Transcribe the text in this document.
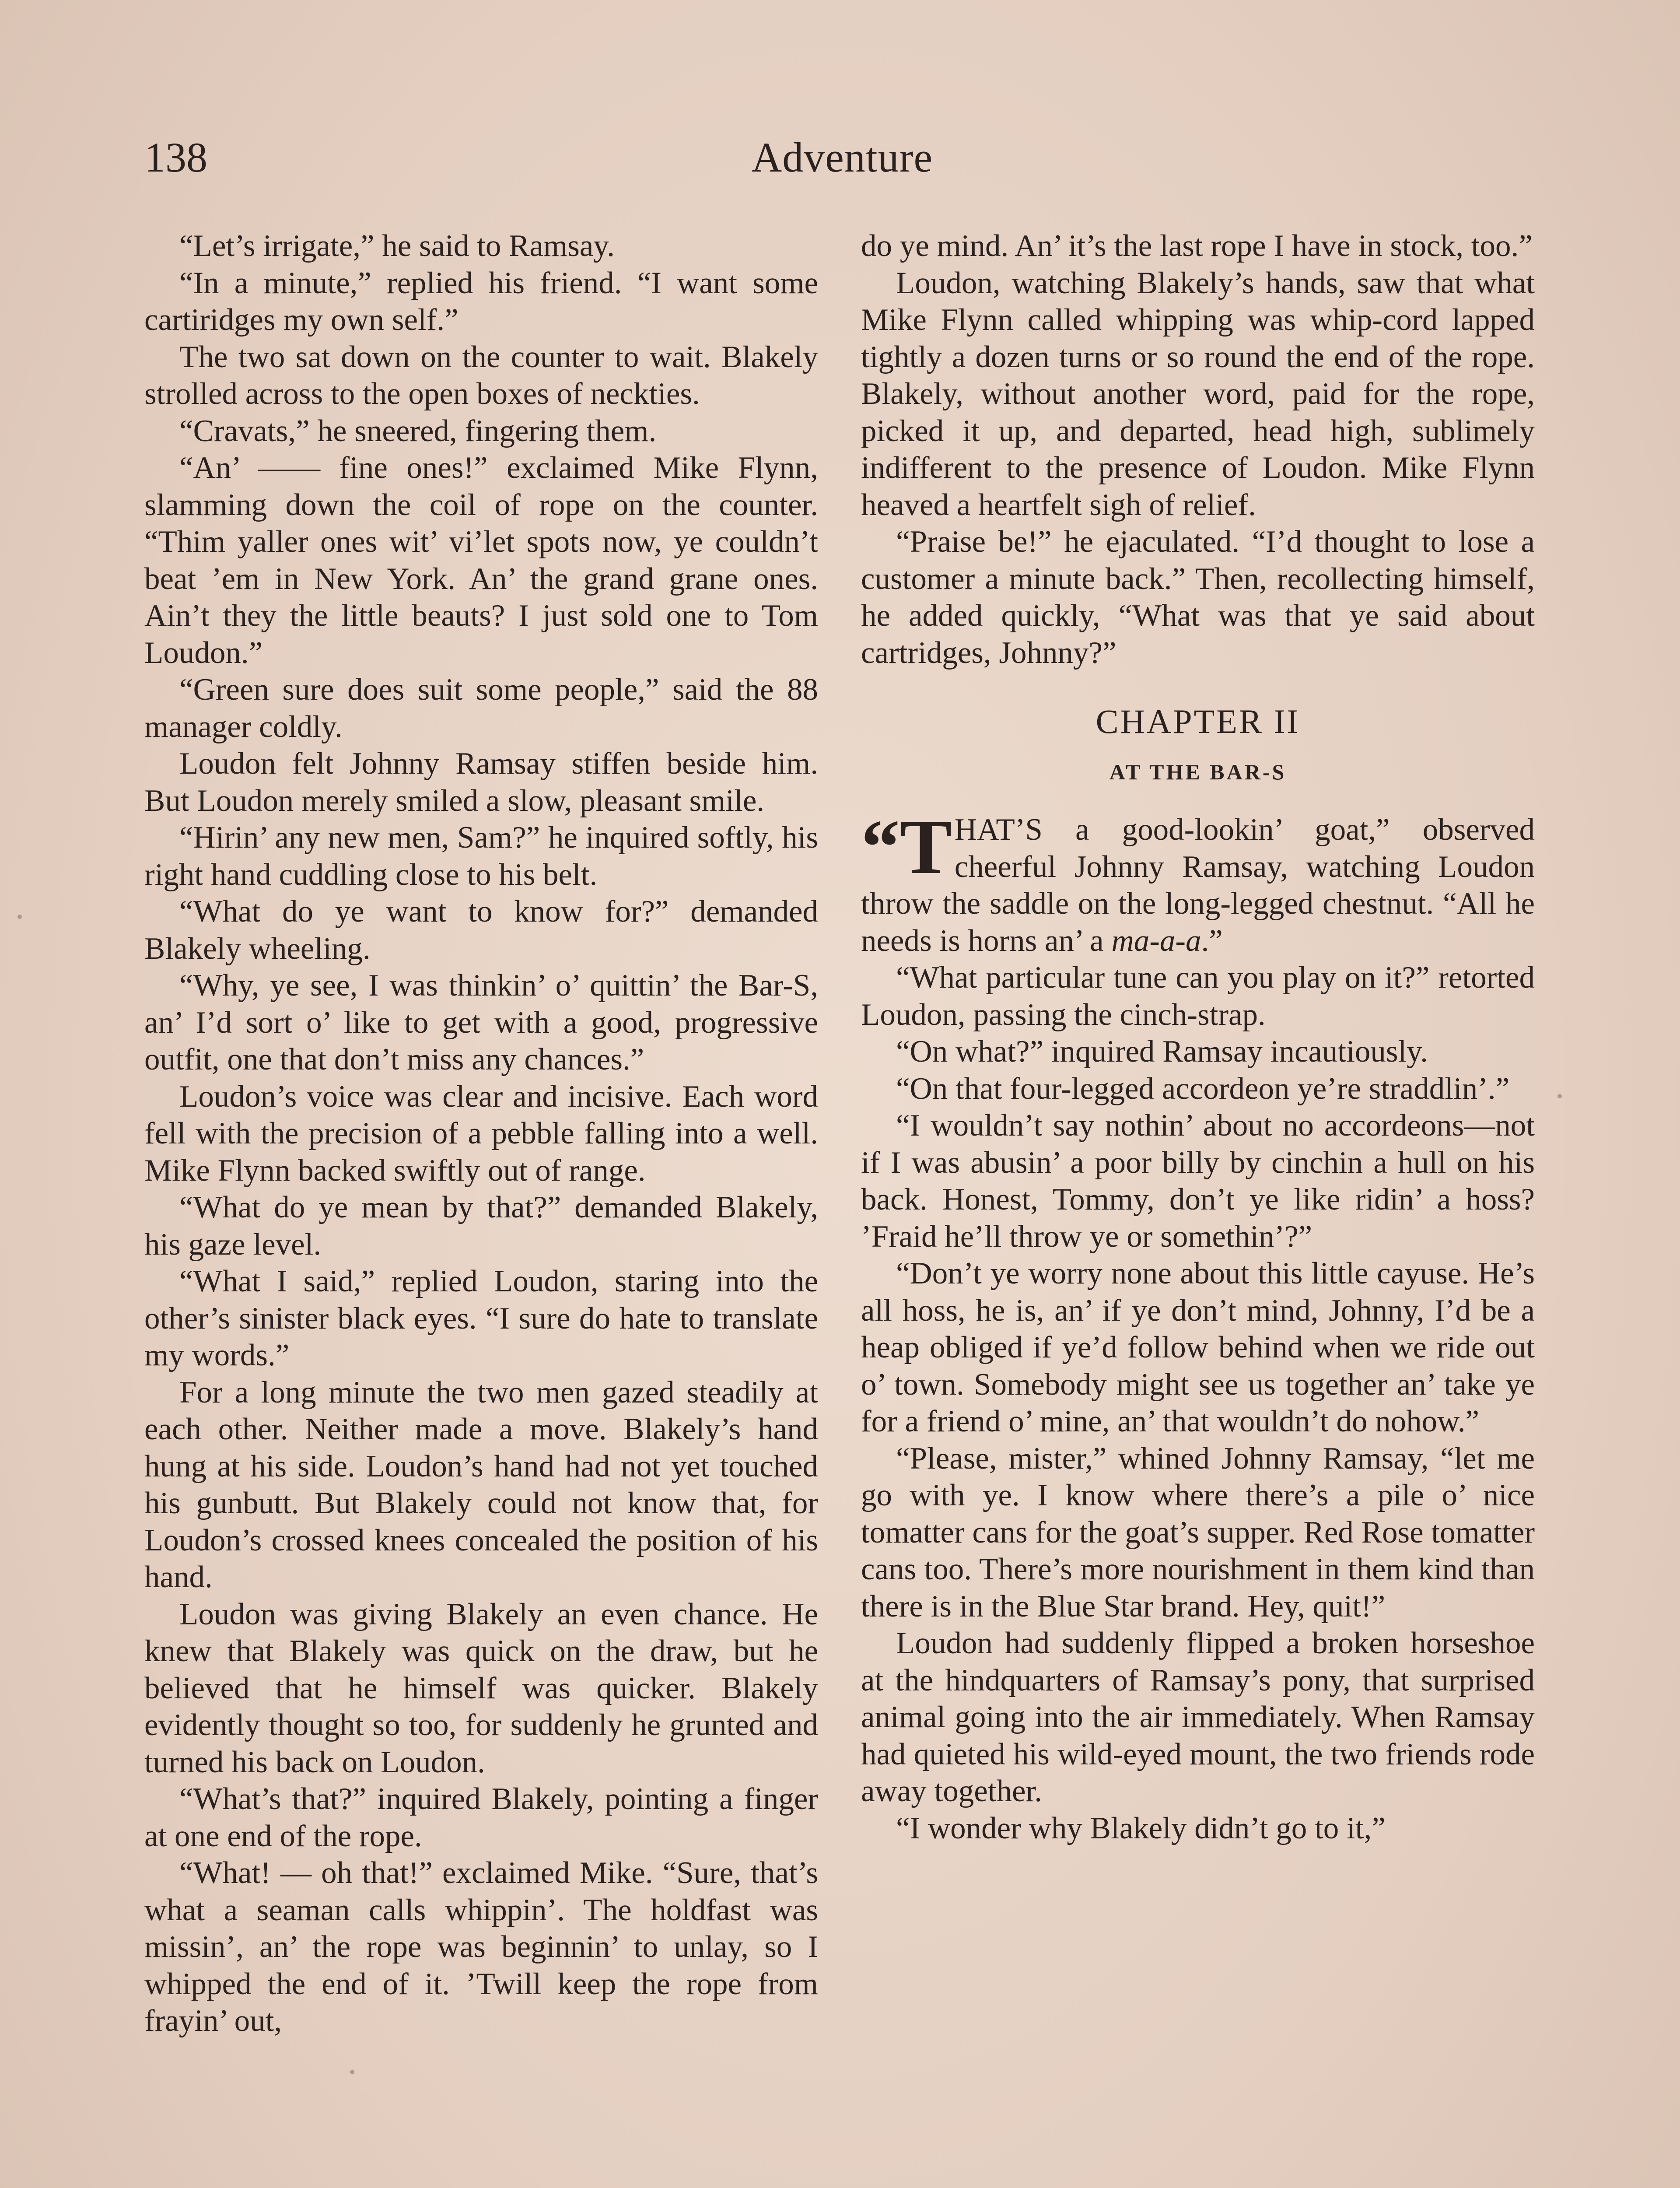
138	Adventure

“Let’s irrigate,” he said to Ramsay.

“In a minute,” replied his friend. “I want some cartiridges my own self.”

The two sat down on the counter to wait. Blakely strolled across to the open boxes of neckties.

“Cravats,” he sneered, fingering them.

“An’ —— fine ones!” exclaimed Mike Flynn, slamming down the coil of rope on the counter. “Thim yaller ones wit’ vi’let spots now, ye couldn’t beat ’em in New York. An’ the grand grane ones. Ain’t they the little beauts? I just sold one to Tom Loudon.”

“Green sure does suit some people,” said the 88 manager coldly.

Loudon felt Johnny Ramsay stiffen beside him. But Loudon merely smiled a slow, pleasant smile.

“Hirin’ any new men, Sam?” he inquired softly, his right hand cuddling close to his belt.

“What do ye want to know for?” demanded Blakely wheeling.

“Why, ye see, I was thinkin’ o’ quittin’ the Bar-S, an’ I’d sort o’ like to get with a good, progressive outfit, one that don’t miss any chances.”

Loudon’s voice was clear and incisive. Each word fell with the precision of a pebble falling into a well. Mike Flynn backed swiftly out of range.

“What do ye mean by that?” demanded Blakely, his gaze level.

“What I said,” replied Loudon, staring into the other’s sinister black eyes. “I sure do hate to translate my words.”

For a long minute the two men gazed steadily at each other. Neither made a move. Blakely’s hand hung at his side. Loudon’s hand had not yet touched his gunbutt. But Blakely could not know that, for Loudon’s crossed knees concealed the position of his hand.

Loudon was giving Blakely an even chance. He knew that Blakely was quick on the draw, but he believed that he himself was quicker. Blakely evidently thought so too, for suddenly he grunted and turned his back on Loudon.

“What’s that?” inquired Blakely, pointing a finger at one end of the rope.

“What! — oh that!” exclaimed Mike. “Sure, that’s what a seaman calls whippin’. The holdfast was missin’, an’ the rope was beginnin’ to unlay, so I whipped the end of it. ’Twill keep the rope from frayin’ out,

do ye mind. An’ it’s the last rope I have in stock, too.”

Loudon, watching Blakely’s hands, saw that what Mike Flynn called whipping was whip-cord lapped tightly a dozen turns or so round the end of the rope. Blakely, without another word, paid for the rope, picked it up, and departed, head high, sublimely indifferent to the presence of Loudon. Mike Flynn heaved a heartfelt sigh of relief.

“Praise be!” he ejaculated. “I’d thought to lose a customer a minute back.” Then, recollecting himself, he added quickly, “What was that ye said about cartridges, Johnny?”

CHAPTER II
AT THE BAR-S

“THAT’S a good-lookin’ goat,” observed cheerful Johnny Ramsay, watching Loudon throw the saddle on the long-legged chestnut. “All he needs is horns an’ a ma-a-a.”

“What particular tune can you play on it?” retorted Loudon, passing the cinch-strap.

“On what?” inquired Ramsay incautiously.

“On that four-legged accordeon ye’re straddlin’.”

“I wouldn’t say nothin’ about no accordeons—not if I was abusin’ a poor billy by cinchin a hull on his back. Honest, Tommy, don’t ye like ridin’ a hoss? ’Fraid he’ll throw ye or somethin’?”

“Don’t ye worry none about this little cayuse. He’s all hoss, he is, an’ if ye don’t mind, Johnny, I’d be a heap obliged if ye’d follow behind when we ride out o’ town. Somebody might see us together an’ take ye for a friend o’ mine, an’ that wouldn’t do nohow.”

“Please, mister,” whined Johnny Ramsay, “let me go with ye. I know where there’s a pile o’ nice tomatter cans for the goat’s supper. Red Rose tomatter cans too. There’s more nourishment in them kind than there is in the Blue Star brand. Hey, quit!”

Loudon had suddenly flipped a broken horseshoe at the hindquarters of Ramsay’s pony, that surprised animal going into the air immediately. When Ramsay had quieted his wild-eyed mount, the two friends rode away together.

“I wonder why Blakely didn’t go to it,”
